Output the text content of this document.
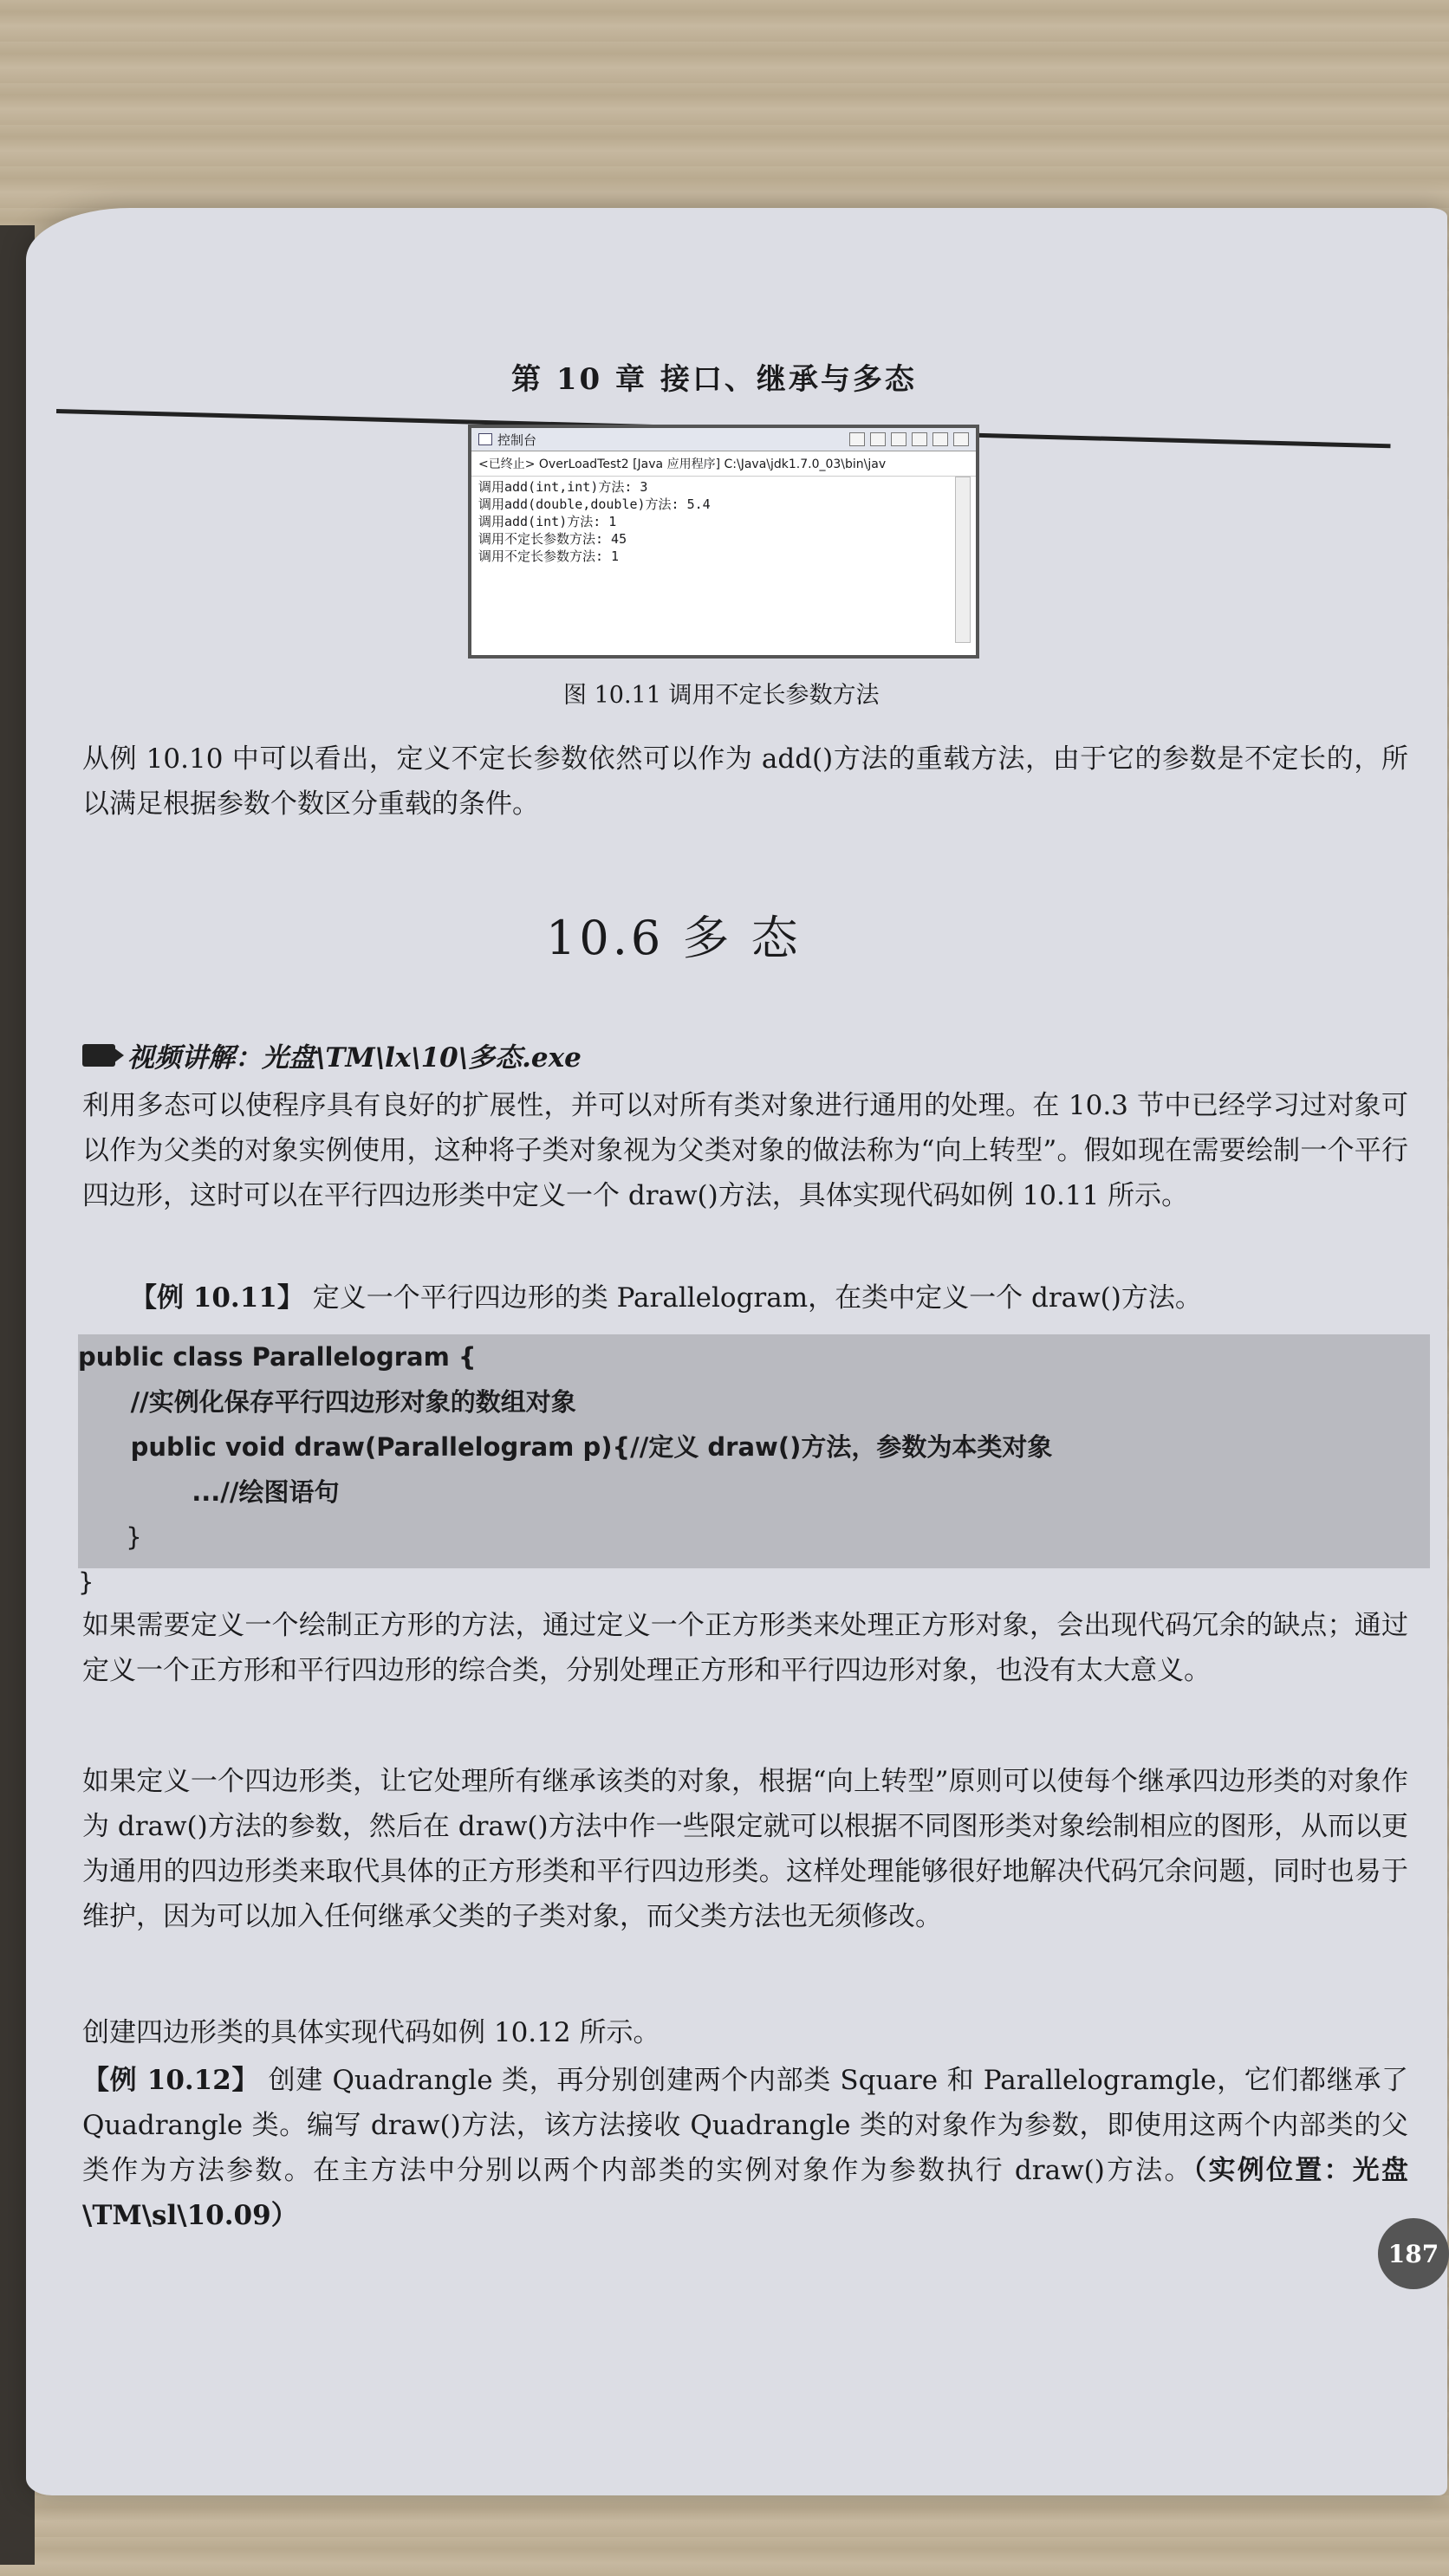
第 10 章 接口、继承与多态
控制台
<已终止> OverLoadTest2 [Java 应用程序] C:\Java\jdk1.7.0_03\bin\jav
调用add(int,int)方法: 3
调用add(double,double)方法: 5.4
调用add(int)方法: 1
调用不定长参数方法: 45
调用不定长参数方法: 1
图 10.11 调用不定长参数方法
从例 10.10 中可以看出，定义不定长参数依然可以作为 add()方法的重载方法，由于它的参数是不定长的，所以满足根据参数个数区分重载的条件。
10.6 多 态
视频讲解：光盘\TM\lx\10\多态.exe
利用多态可以使程序具有良好的扩展性，并可以对所有类对象进行通用的处理。在 10.3 节中已经学习过对象可以作为父类的对象实例使用，这种将子类对象视为父类对象的做法称为“向上转型”。假如现在需要绘制一个平行四边形，这时可以在平行四边形类中定义一个 draw()方法，具体实现代码如例 10.11 所示。
【例 10.11】 定义一个平行四边形的类 Parallelogram，在类中定义一个 draw()方法。
public class Parallelogram {
//实例化保存平行四边形对象的数组对象
public void draw(Parallelogram p){//定义 draw()方法，参数为本类对象
...//绘图语句
}
}
如果需要定义一个绘制正方形的方法，通过定义一个正方形类来处理正方形对象，会出现代码冗余的缺点；通过定义一个正方形和平行四边形的综合类，分别处理正方形和平行四边形对象，也没有太大意义。
如果定义一个四边形类，让它处理所有继承该类的对象，根据“向上转型”原则可以使每个继承四边形类的对象作为 draw()方法的参数，然后在 draw()方法中作一些限定就可以根据不同图形类对象绘制相应的图形，从而以更为通用的四边形类来取代具体的正方形类和平行四边形类。这样处理能够很好地解决代码冗余问题，同时也易于维护，因为可以加入任何继承父类的子类对象，而父类方法也无须修改。
创建四边形类的具体实现代码如例 10.12 所示。
【例 10.12】 创建 Quadrangle 类，再分别创建两个内部类 Square 和 Parallelogramgle，它们都继承了 Quadrangle 类。编写 draw()方法，该方法接收 Quadrangle 类的对象作为参数，即使用这两个内部类的父类作为方法参数。在主方法中分别以两个内部类的实例对象作为参数执行 draw()方法。（实例位置：光盘\TM\sl\10.09）
187
